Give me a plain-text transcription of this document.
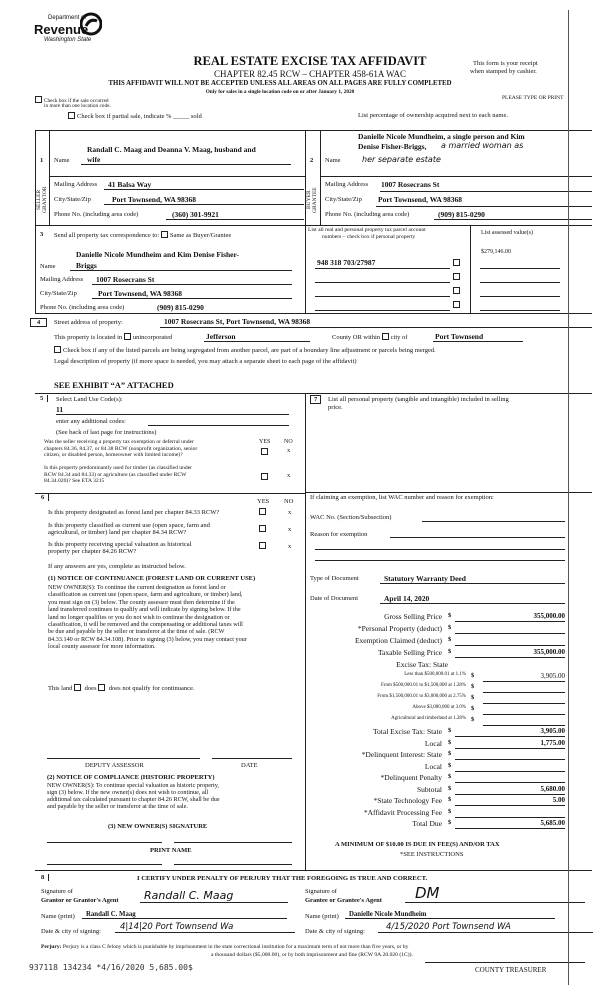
Department of
Revenue
Washington State
REAL ESTATE EXCISE TAX AFFIDAVIT
CHAPTER 82.45 RCW – CHAPTER 458-61A WAC
THIS AFFIDAVIT WILL NOT BE ACCEPTED UNLESS ALL AREAS ON ALL PAGES ARE FULLY COMPLETED
Only for sales in a single location code on or after January 1, 2020
This form is your receipt
when stamped by cashier.
Check box if the sale occurred
in more than one location code.
PLEASE TYPE OR PRINT
Check box if partial sale, indicate % _____ sold	List percentage of ownership acquired next to each name.
1
SELLER GRANTOR
Name
Randall C. Maag and Deanna V. Maag, husband and
wife
Mailing Address	41 Balsa Way
City/State/Zip	Port Townsend, WA 98368
Phone No. (including area code)	(360) 301-9921
2
BUYER GRANTEE
Name
Danielle Nicole Mundheim, a single person and Kim
Denise Fisher-Briggs, a married woman as
her separate estate
Mailing Address 1007 Rosecrans St
City/State/Zip Port Townsend, WA 98368
Phone No. (including area code)	(909) 815-0290
3 Send all property tax correspondence to: Same as Buyer/Grantee
Danielle Nicole Mundheim and Kim Denise Fisher-
Name	Briggs
Mailing Address	1007 Rosecrans St
City/State/Zip	Port Townsend, WA 98368
Phone No. (including area code)	(909) 815-0290
List all real and personal property tax parcel account
numbers – check box if personal property
List assessed value(s)
948 318 703/27987
$279,146.00
4	Street address of property:	1007 Rosecrans St, Port Townsend, WA 98368
This property is located in unincorporated	Jefferson	County OR within city of	Port Townsend
Check box if any of the listed parcels are being segregated from another parcel, are part of a boundary line adjustment or parcels being merged.
Legal description of property (if more space is needed, you may attach a separate sheet to each page of the affidavit)
SEE EXHIBIT “A” ATTACHED
5	Select Land Use Code(s):
11
enter any additional codes:
(See back of last page for instructions)
YES NO
Was the seller receiving a property tax exemption or deferral under
chapters 84.36, 84.37, or 84.38 RCW (nonprofit organization, senior
citizen, or disabled person, homeowner with limited income)?
x
Is this property predominantly used for timber (as classified under
RCW 84.34 and 84.33) or agriculture (as classified under RCW
84.34.020)? See ETA 3215
x
6
YES NO
Is this property designated as forest land per chapter 84.33 RCW?	x
Is this property classified as current use (open space, farm and
agricultural, or timber) land per chapter 84.34 RCW?	x
Is this property receiving special valuation as historical
property per chapter 84.26 RCW?
x
If any answers are yes, complete as instructed below.
(1) NOTICE OF CONTINUANCE (FOREST LAND OR CURRENT USE)
NEW OWNER(S): To continue the current designation as forest land or
classification as current use (open space, farm and agriculture, or timber) land,
you must sign on (3) below. The county assessor must then determine if the
land transferred continues to qualify and will indicate by signing below. If the
land no longer qualifies or you do not wish to continue the designation or
classification, it will be removed and the compensating or additional taxes will
be due and payable by the seller or transferor at the time of sale. (RCW
84.33.140 or RCW 84.34.108). Prior to signing (3) below, you may contact your
local county assessor for more information.
This land does does not qualify for continuance.
DEPUTY ASSESSOR	DATE
(2) NOTICE OF COMPLIANCE (HISTORIC PROPERTY)
NEW OWNER(S): To continue special valuation as historic property,
sign (3) below. If the new owner(s) does not wish to continue, all
additional tax calculated pursuant to chapter 84.26 RCW, shall be due
and payable by the seller or transferor at the time of sale.
(3) NEW OWNER(S) SIGNATURE
PRINT NAME
7	List all personal property (tangible and intangible) included in selling
price.
If claiming an exemption, list WAC number and reason for exemption:
WAC No. (Section/Subsection)
Reason for exemption
Type of Document	Statutory Warranty Deed
Date of Document	April 14, 2020
Gross Selling Price $	355,000.00
*Personal Property (deduct) $
Exemption Claimed (deduct) $
Taxable Selling Price $	355,000.00
Excise Tax: State
Less than $500,000.01 at 1.1% $	3,905.00
From $500,000.01 to $1,500,000 at 1.28% $
From $1,500,000.01 to $3,000,000 at 2.75% $
Above $3,000,000 at 3.0% $
Agricultural and timberland at 1.28% $
Total Excise Tax: State $	3,905.00
Local $	1,775.00
*Delinquent Interest: State $
Local $
*Delinquent Penalty $
Subtotal $	5,680.00
*State Technology Fee $	5.00
*Affidavit Processing Fee $
Total Due $	5,685.00
A MINIMUM OF $10.00 IS DUE IN FEE(S) AND/OR TAX
*SEE INSTRUCTIONS
8	I CERTIFY UNDER PENALTY OF PERJURY THAT THE FOREGOING IS TRUE AND CORRECT.
Signature of
Grantor or Grantor's Agent	Randall C. Maag	Signature of
Grantee or Grantee's Agent	DM
Name (print)	Randall C. Maag	Name (print)	Danielle Nicole Mundheim
Date & city of signing:	4|14|20 Port Townsend Wa	Date & city of signing:	4/15/2020 Port Townsend WA
Perjury: Perjury is a class C felony which is punishable by imprisonment in the state correctional institution for a maximum term of not more than five years, or by
a thousand dollars ($5,000.00), or by both imprisonment and fine (RCW 9A.20.020 (1C)).
937118 134234 *4/16/2020 5,685.00$	COUNTY TREASURER
